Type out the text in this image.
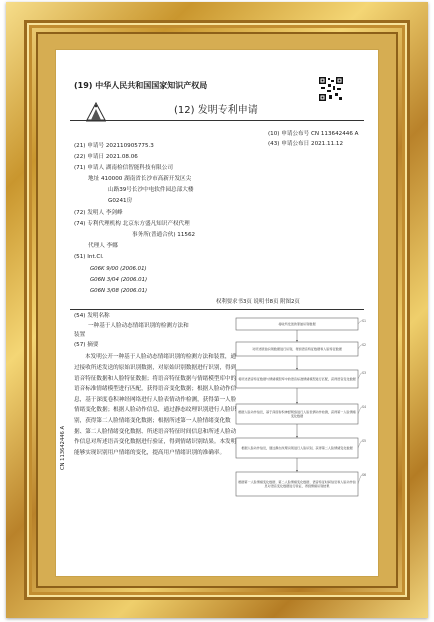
(19) 中华人民共和国国家知识产权局
(12) 发明专利申请
(10) 申请公布号 CN 113642446 A
(43) 申请公布日 2021.11.12
(21) 申请号 202110905775.3
(22) 申请日 2021.08.06
(71) 申请人 湖南检信智能科技有限公司
地址 410000 湖南省长沙市高新开发区尖
山路39号长沙中电软件园总部大楼
G0241房
(72) 发明人 李剑峰
(74) 专利代理机构 北京东方盛凡知识产权代理
事务所(普通合伙) 11562
代理人 李娜
(51) Int.Cl.
G06K 9/00 (2006.01)
G06N 3/04 (2006.01)
G06N 3/08 (2006.01)
权利要求书3页 说明书8页 附图2页
(54) 发明名称
一种基于人脸动态情绪识别的检测方法和
装置
(57) 摘要

本发明公开一种基于人脸动态情绪识别的检测方法和装置，通过接收所述发送的原始识别数据，对原始识别数据进行识别，得到语音特征数据和人脸特征数据；将语音特征数据与情绪模型库中的语音标准情绪模型进行匹配，获得语音变化数据；根据人脸动作信息，基于深度卷积神经网络进行人脸表情动作检测，获得第一人脸情绪变化数据；根据人脸动作信息，通过静态纹理识别进行人脸识别，获得第二人脸情绪变化数据；根据所述第一人脸情绪变化数据、第二人脸情绪变化数据、所述语音特征时间信息和所述人脸动作信息对所述语音变化数据进行验证，得到情绪识别结果。本发明能够实现识别用户情绪的变化，提高用户情绪识别的准确率。

CN 113642446 A
接收所发送的原始识别数据
S1
对所述原始识别数据进行识别，得到语音特征数据和人脸特征数据
S2
将所述语音特征数据与情绪模型库中的语音标准情绪模型进行匹配，获得语音变化数据
S3
根据人脸动作信息，基于深度卷积神经网络进行人脸表情动作检测，获得第一人脸情绪变化数据
S4
根据人脸动作信息，通过静态纹理识别进行人脸识别，获得第二人脸情绪变化数据
S5
根据第一人脸情绪变化数据、第二人脸情绪变化数据、语音特征时间信息和人脸动作信息对语音变化数据进行验证，得到情绪识别结果
S6
